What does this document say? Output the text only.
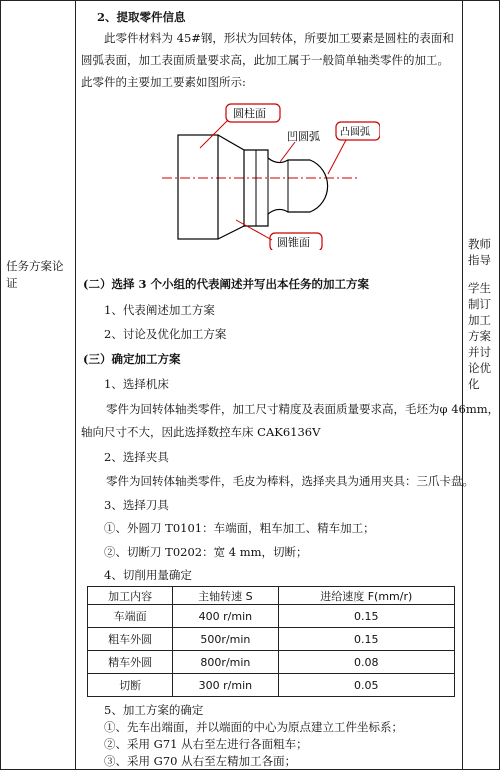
任务方案论证
教师指导
学生制订加工方案并讨论优化
2、提取零件信息
此零件材料为 45#钢，形状为回转体，所要加工要素是圆柱的表面和圆弧表面，加工表面质量要求高，此加工属于一般简单轴类零件的加工。此零件的主要加工要素如图所示:
圆柱面
凹圆弧 凸圆弧
圆锥面
(二）选择 3 个小组的代表阐述并写出本任务的加工方案
1、代表阐述加工方案
2、讨论及优化加工方案
(三）确定加工方案
1、选择机床
零件为回转体轴类零件，加工尺寸精度及表面质量要求高，毛坯为φ 46mm，
轴向尺寸不大，因此选择数控车床 CAK6136V
2、选择夹具
零件为回转体轴类零件，毛皮为棒料，选择夹具为通用夹具：三爪卡盘。
3、选择刀具
①、外圆刀 T0101：车端面，粗车加工、精车加工；
②、切断刀 T0202：宽 4 mm，切断；
4、切削用量确定
加工内容	主轴转速 S	进给速度 F(mm/r)
车端面	400 r/min	0.15
粗车外圆	500r/min	0.15
精车外圆	800r/min	0.08
切断	300 r/min	0.05
5、加工方案的确定
①、先车出端面，并以端面的中心为原点建立工件坐标系；
②、采用 G71 从右至左进行各面粗车；
③、采用 G70 从右至左精加工各面；
